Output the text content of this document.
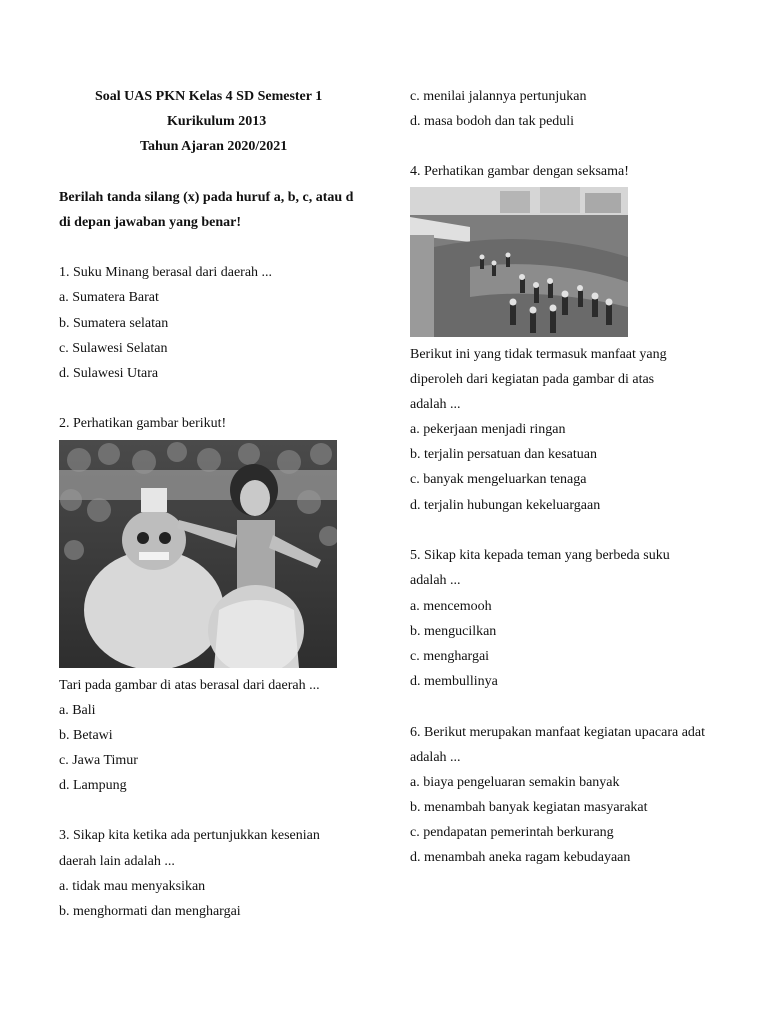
Soal UAS PKN Kelas 4 SD Semester 1
Kurikulum 2013
Tahun Ajaran 2020/2021
Berilah tanda silang (x) pada huruf a, b, c, atau d
di depan jawaban yang benar!
1. Suku Minang berasal dari daerah ...
a. Sumatera Barat
b. Sumatera selatan
c. Sulawesi Selatan
d. Sulawesi Utara
2. Perhatikan gambar berikut!
Tari pada gambar di atas berasal dari daerah ...
a. Bali
b. Betawi
c. Jawa Timur
d. Lampung
3. Sikap kita ketika ada pertunjukkan kesenian
daerah lain adalah ...
a. tidak mau menyaksikan
b. menghormati dan menghargai
c. menilai jalannya pertunjukan
d. masa bodoh dan tak peduli
4. Perhatikan gambar dengan seksama!
Berikut ini yang tidak termasuk manfaat yang
diperoleh dari kegiatan pada gambar di atas
adalah ...
a. pekerjaan menjadi ringan
b. terjalin persatuan dan kesatuan
c. banyak mengeluarkan tenaga
d. terjalin hubungan kekeluargaan
5. Sikap kita kepada teman yang berbeda suku
adalah ...
a. mencemooh
b. mengucilkan
c. menghargai
d. membullinya
6. Berikut merupakan manfaat kegiatan upacara adat
adalah ...
a. biaya pengeluaran semakin banyak
b. menambah banyak kegiatan masyarakat
c. pendapatan pemerintah berkurang
d. menambah aneka ragam kebudayaan
